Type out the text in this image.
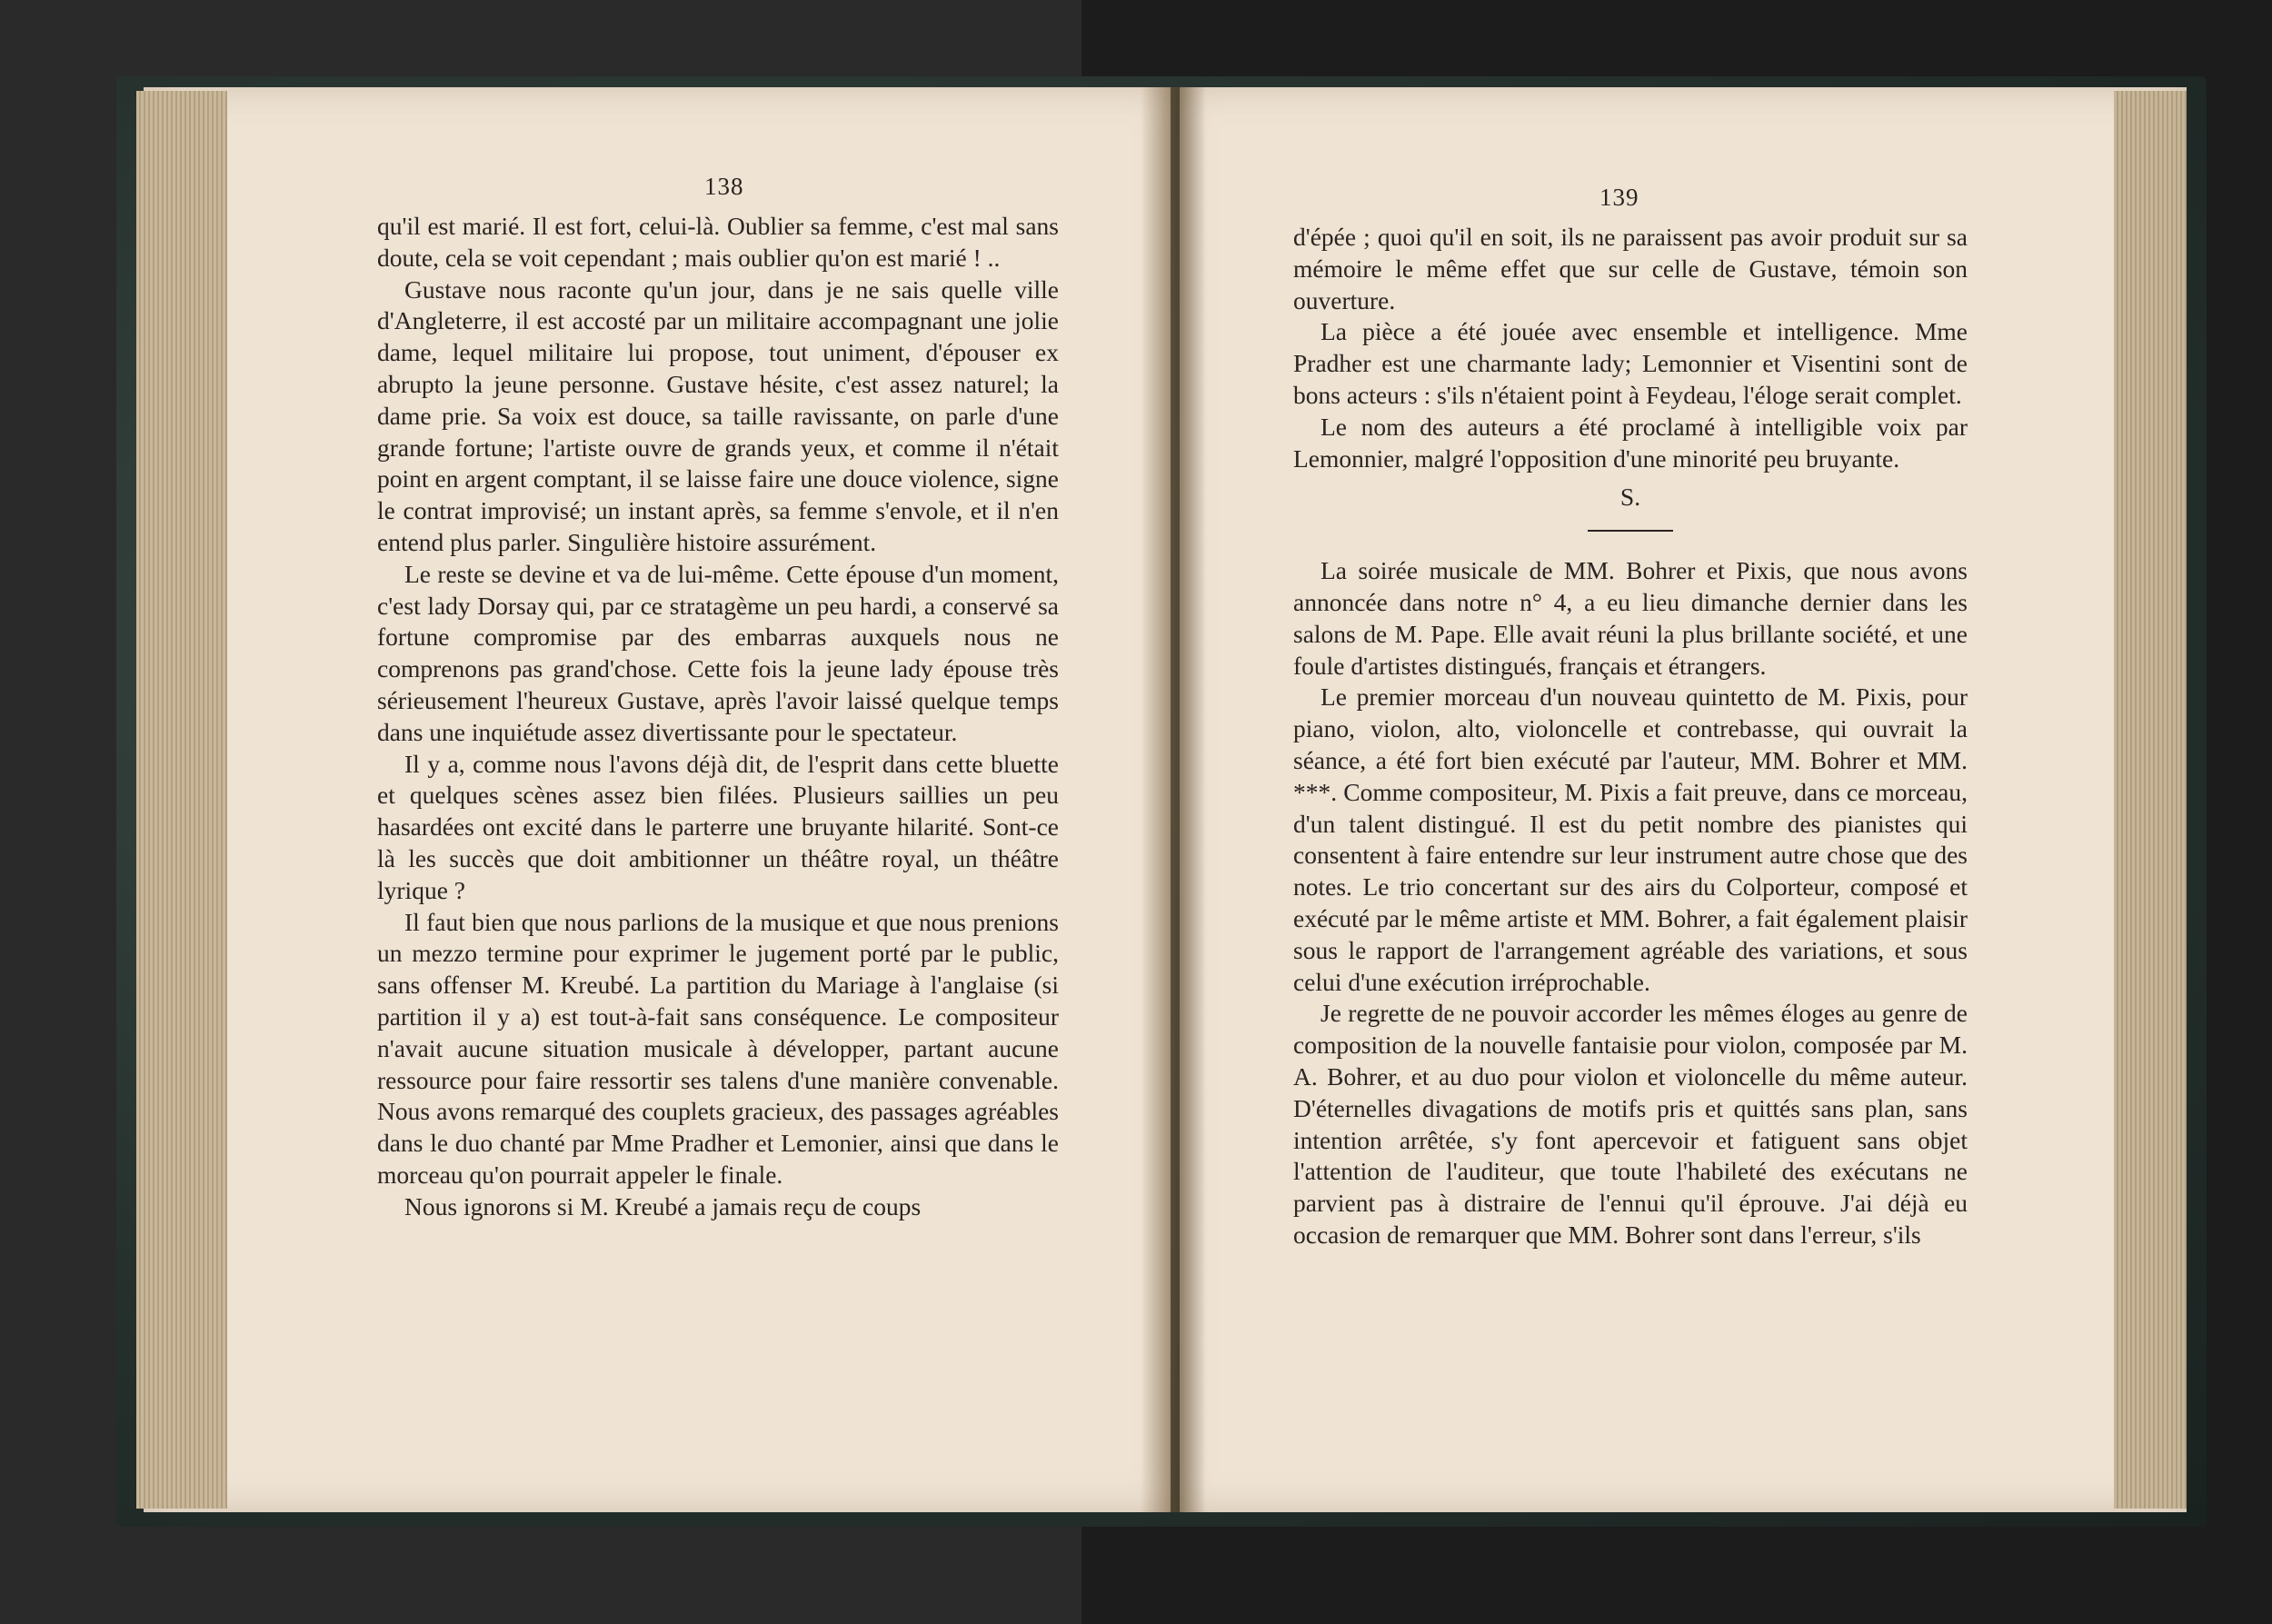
138	139

qu'il est marié. Il est fort, celui-là. Oublier sa femme, c'est mal sans doute, cela se voit cependant ; mais oublier qu'on est marié ! ..

Gustave nous raconte qu'un jour, dans je ne sais quelle ville d'Angleterre, il est accosté par un militaire accompagnant une jolie dame, lequel militaire lui propose, tout uniment, d'épouser ex abrupto la jeune personne. Gustave hésite, c'est assez naturel; la dame prie. Sa voix est douce, sa taille ravissante, on parle d'une grande fortune; l'artiste ouvre de grands yeux, et comme il n'était point en argent comptant, il se laisse faire une douce violence, signe le contrat improvisé; un instant après, sa femme s'envole, et il n'en entend plus parler. Singulière histoire assurément.

Le reste se devine et va de lui-même. Cette épouse d'un moment, c'est lady Dorsay qui, par ce stratagème un peu hardi, a conservé sa fortune compromise par des embarras auxquels nous ne comprenons pas grand'chose. Cette fois la jeune lady épouse très sérieusement l'heureux Gustave, après l'avoir laissé quelque temps dans une inquiétude assez divertissante pour le spectateur.

Il y a, comme nous l'avons déjà dit, de l'esprit dans cette bluette et quelques scènes assez bien filées. Plusieurs saillies un peu hasardées ont excité dans le parterre une bruyante hilarité. Sont-ce là les succès que doit ambitionner un théâtre royal, un théâtre lyrique ?

Il faut bien que nous parlions de la musique et que nous prenions un mezzo termine pour exprimer le jugement porté par le public, sans offenser M. Kreubé. La partition du Mariage à l'anglaise (si partition il y a) est tout-à-fait sans conséquence. Le compositeur n'avait aucune situation musicale à développer, partant aucune ressource pour faire ressortir ses talens d'une manière convenable. Nous avons remarqué des couplets gracieux, des passages agréables dans le duo chanté par Mme Pradher et Lemonier, ainsi que dans le morceau qu'on pourrait appeler le finale.

Nous ignorons si M. Kreubé a jamais reçu de coups

d'épée ; quoi qu'il en soit, ils ne paraissent pas avoir produit sur sa mémoire le même effet que sur celle de Gustave, témoin son ouverture.

La pièce a été jouée avec ensemble et intelligence. Mme Pradher est une charmante lady; Lemonnier et Visentini sont de bons acteurs : s'ils n'étaient point à Feydeau, l'éloge serait complet.

Le nom des auteurs a été proclamé à intelligible voix par Lemonnier, malgré l'opposition d'une minorité peu bruyante.

S.

La soirée musicale de MM. Bohrer et Pixis, que nous avons annoncée dans notre n° 4, a eu lieu dimanche dernier dans les salons de M. Pape. Elle avait réuni la plus brillante société, et une foule d'artistes distingués, français et étrangers.

Le premier morceau d'un nouveau quintetto de M. Pixis, pour piano, violon, alto, violoncelle et contrebasse, qui ouvrait la séance, a été fort bien exécuté par l'auteur, MM. Bohrer et MM. ***. Comme compositeur, M. Pixis a fait preuve, dans ce morceau, d'un talent distingué. Il est du petit nombre des pianistes qui consentent à faire entendre sur leur instrument autre chose que des notes. Le trio concertant sur des airs du Colporteur, composé et exécuté par le même artiste et MM. Bohrer, a fait également plaisir sous le rapport de l'arrangement agréable des variations, et sous celui d'une exécution irréprochable.

Je regrette de ne pouvoir accorder les mêmes éloges au genre de composition de la nouvelle fantaisie pour violon, composée par M. A. Bohrer, et au duo pour violon et violoncelle du même auteur. D'éternelles divagations de motifs pris et quittés sans plan, sans intention arrêtée, s'y font apercevoir et fatiguent sans objet l'attention de l'auditeur, que toute l'habileté des exécutans ne parvient pas à distraire de l'ennui qu'il éprouve. J'ai déjà eu occasion de remarquer que MM. Bohrer sont dans l'erreur, s'ils
